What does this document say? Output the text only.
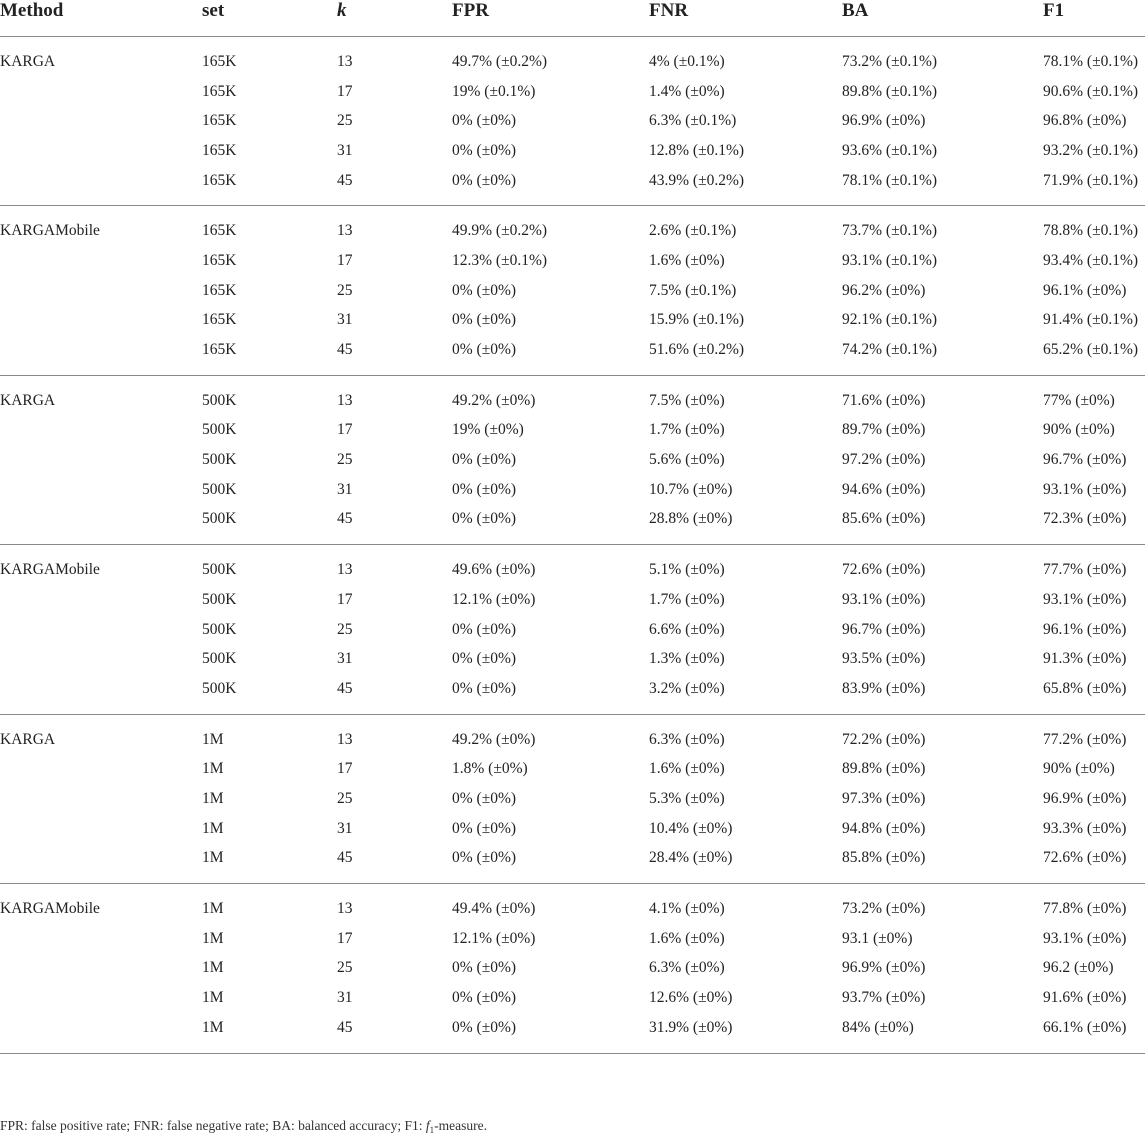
Method	set	k	FPR	FNR	BA	F1
KARGA	165K	13	49.7% (±0.2%)	4% (±0.1%)	73.2% (±0.1%)	78.1% (±0.1%)
	165K	17	19% (±0.1%)	1.4% (±0%)	89.8% (±0.1%)	90.6% (±0.1%)
	165K	25	0% (±0%)	6.3% (±0.1%)	96.9% (±0%)	96.8% (±0%)
	165K	31	0% (±0%)	12.8% (±0.1%)	93.6% (±0.1%)	93.2% (±0.1%)
	165K	45	0% (±0%)	43.9% (±0.2%)	78.1% (±0.1%)	71.9% (±0.1%)
KARGAMobile	165K	13	49.9% (±0.2%)	2.6% (±0.1%)	73.7% (±0.1%)	78.8% (±0.1%)
	165K	17	12.3% (±0.1%)	1.6% (±0%)	93.1% (±0.1%)	93.4% (±0.1%)
	165K	25	0% (±0%)	7.5% (±0.1%)	96.2% (±0%)	96.1% (±0%)
	165K	31	0% (±0%)	15.9% (±0.1%)	92.1% (±0.1%)	91.4% (±0.1%)
	165K	45	0% (±0%)	51.6% (±0.2%)	74.2% (±0.1%)	65.2% (±0.1%)
KARGA	500K	13	49.2% (±0%)	7.5% (±0%)	71.6% (±0%)	77% (±0%)
	500K	17	19% (±0%)	1.7% (±0%)	89.7% (±0%)	90% (±0%)
	500K	25	0% (±0%)	5.6% (±0%)	97.2% (±0%)	96.7% (±0%)
	500K	31	0% (±0%)	10.7% (±0%)	94.6% (±0%)	93.1% (±0%)
	500K	45	0% (±0%)	28.8% (±0%)	85.6% (±0%)	72.3% (±0%)
KARGAMobile	500K	13	49.6% (±0%)	5.1% (±0%)	72.6% (±0%)	77.7% (±0%)
	500K	17	12.1% (±0%)	1.7% (±0%)	93.1% (±0%)	93.1% (±0%)
	500K	25	0% (±0%)	6.6% (±0%)	96.7% (±0%)	96.1% (±0%)
	500K	31	0% (±0%)	1.3% (±0%)	93.5% (±0%)	91.3% (±0%)
	500K	45	0% (±0%)	3.2% (±0%)	83.9% (±0%)	65.8% (±0%)
KARGA	1M	13	49.2% (±0%)	6.3% (±0%)	72.2% (±0%)	77.2% (±0%)
	1M	17	1.8% (±0%)	1.6% (±0%)	89.8% (±0%)	90% (±0%)
	1M	25	0% (±0%)	5.3% (±0%)	97.3% (±0%)	96.9% (±0%)
	1M	31	0% (±0%)	10.4% (±0%)	94.8% (±0%)	93.3% (±0%)
	1M	45	0% (±0%)	28.4% (±0%)	85.8% (±0%)	72.6% (±0%)
KARGAMobile	1M	13	49.4% (±0%)	4.1% (±0%)	73.2% (±0%)	77.8% (±0%)
	1M	17	12.1% (±0%)	1.6% (±0%)	93.1 (±0%)	93.1% (±0%)
	1M	25	0% (±0%)	6.3% (±0%)	96.9% (±0%)	96.2 (±0%)
	1M	31	0% (±0%)	12.6% (±0%)	93.7% (±0%)	91.6% (±0%)
	1M	45	0% (±0%)	31.9% (±0%)	84% (±0%)	66.1% (±0%)
FPR: false positive rate; FNR: false negative rate; BA: balanced accuracy; F1: $f_1$-measure.
